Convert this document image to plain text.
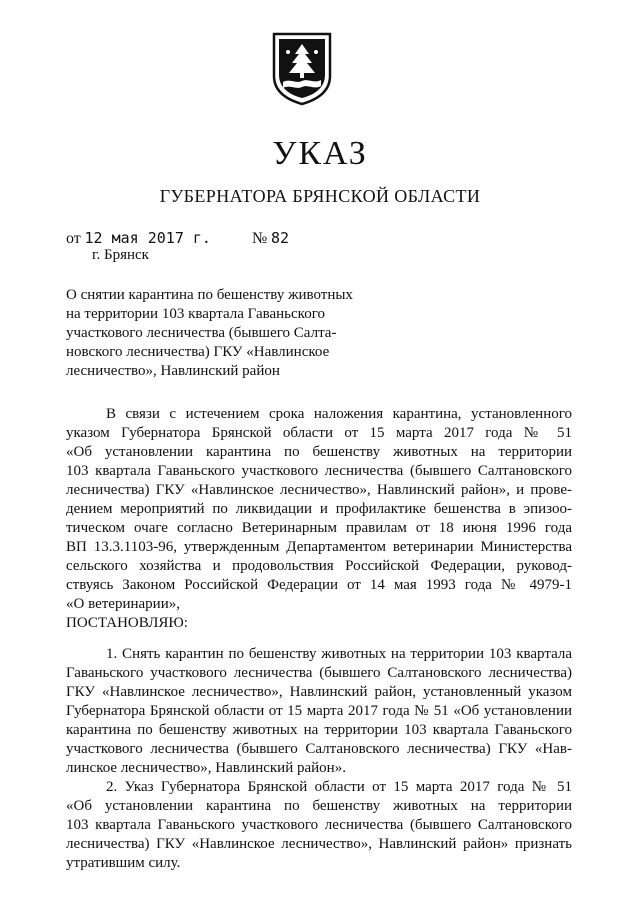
УКАЗ
ГУБЕРНАТОРА БРЯНСКОЙ ОБЛАСТИ
от 12 мая 2017 г.	№ 82
г. Брянск
О снятии карантина по бешенству животных
на территории 103 квартала Гаваньского
участкового лесничества (бывшего Салта-
новского лесничества) ГКУ «Навлинское
лесничество», Навлинский район
В связи с истечением срока наложения карантина, установленного
указом Губернатора Брянской области от 15 марта 2017 года № 51
«Об установлении карантина по бешенству животных на территории
103 квартала Гаваньского участкового лесничества (бывшего Салтановского
лесничества) ГКУ «Навлинское лесничество», Навлинский район», и прове-
дением мероприятий по ликвидации и профилактике бешенства в эпизоо-
тическом очаге согласно Ветеринарным правилам от 18 июня 1996 года
ВП 13.3.1103-96, утвержденным Департаментом ветеринарии Министерства
сельского хозяйства и продовольствия Российской Федерации, руковод-
ствуясь Законом Российской Федерации от 14 мая 1993 года № 4979-1
«О ветеринарии»,
ПОСТАНОВЛЯЮ:
1. Снять карантин по бешенству животных на территории 103 квартала
Гаваньского участкового лесничества (бывшего Салтановского лесничества)
ГКУ «Навлинское лесничество», Навлинский район, установленный указом
Губернатора Брянской области от 15 марта 2017 года № 51 «Об установлении
карантина по бешенству животных на территории 103 квартала Гаваньского
участкового лесничества (бывшего Салтановского лесничества) ГКУ «Нав-
линское лесничество», Навлинский район».
2. Указ Губернатора Брянской области от 15 марта 2017 года № 51
«Об установлении карантина по бешенству животных на территории
103 квартала Гаваньского участкового лесничества (бывшего Салтановского
лесничества) ГКУ «Навлинское лесничество», Навлинский район» признать
утратившим силу.
